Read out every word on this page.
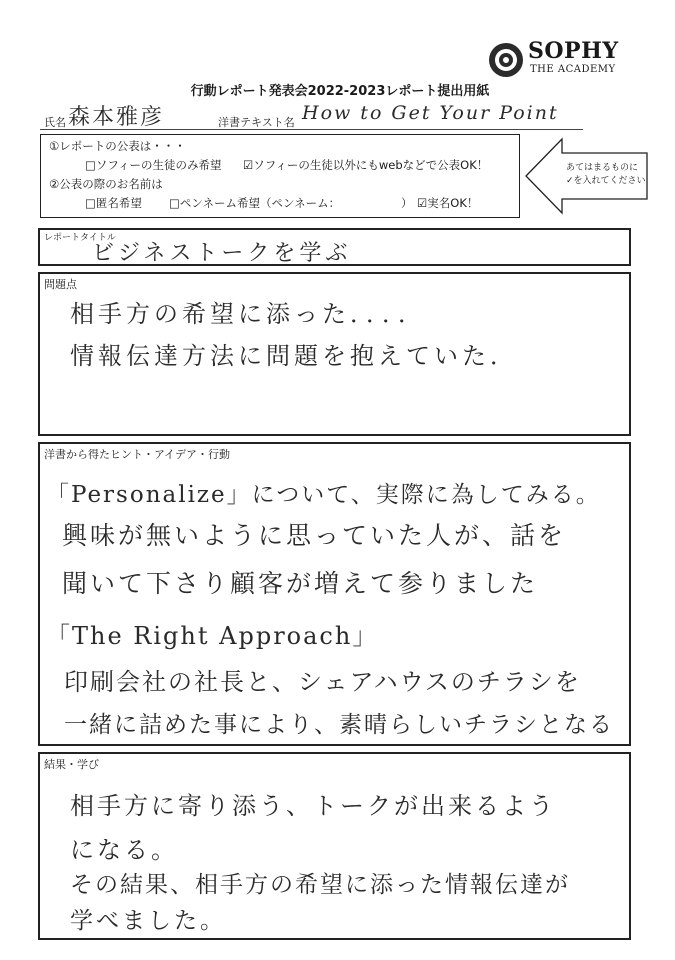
SOPHY
THE ACADEMY
行動レポート発表会2022-2023レポート提出用紙
氏名 森本雅彦	洋書テキスト名 How to Get Your Point
①レポートの公表は・・・
□ソフィーの生徒のみ希望 ☑ソフィーの生徒以外にもwebなどで公表OK！
②公表の際のお名前は
□匿名希望 □ペンネーム希望（ペンネーム：	） ☑実名OK！
あてはまるものに
✓を入れてください
レポートタイトル
ビジネストークを学ぶ
問題点
相手方の希望に添った．．．．
情報伝達方法に問題を抱えていた．
洋書から得たヒント・アイデア・行動
「Personalize」について、実際に為してみる。
興味が無いように思っていた人が、話を
聞いて下さり顧客が増えて参りました
「The Right Approach」
印刷会社の社長と、シェアハウスのチラシを
一緒に詰めた事により、素晴らしいチラシとなる
結果・学び
相手方に寄り添う、トークが出来るよう
になる。
その結果、相手方の希望に添った情報伝達が
学べました。
